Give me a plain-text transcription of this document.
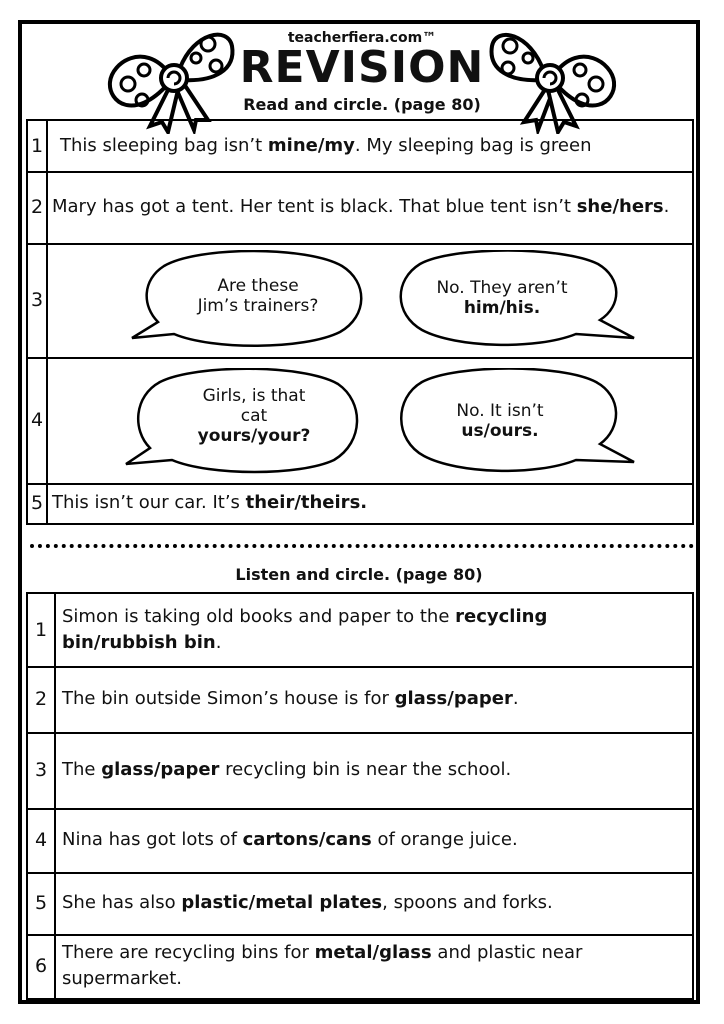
teacherfiera.com™
REVISION
Read and circle. (page 80)
1 This sleeping bag isn’t mine/my. My sleeping bag is green
2 Mary has got a tent. Her tent is black. That blue tent isn’t she/hers.
3
4
5 This isn’t our car. It’s their/theirs.
Are these
Jim’s trainers?
No. They aren’t
him/his.
Girls, is that
cat
yours/your?
No. It isn’t
us/ours.
Listen and circle. (page 80)
1
Simon is taking old books and paper to the recycling bin/rubbish bin.
2 The bin outside Simon’s house is for glass/paper.
3 The glass/paper recycling bin is near the school.
4 Nina has got lots of cartons/cans of orange juice.
5 She has also plastic/metal plates, spoons and forks.
6
There are recycling bins for metal/glass and plastic near supermarket.
